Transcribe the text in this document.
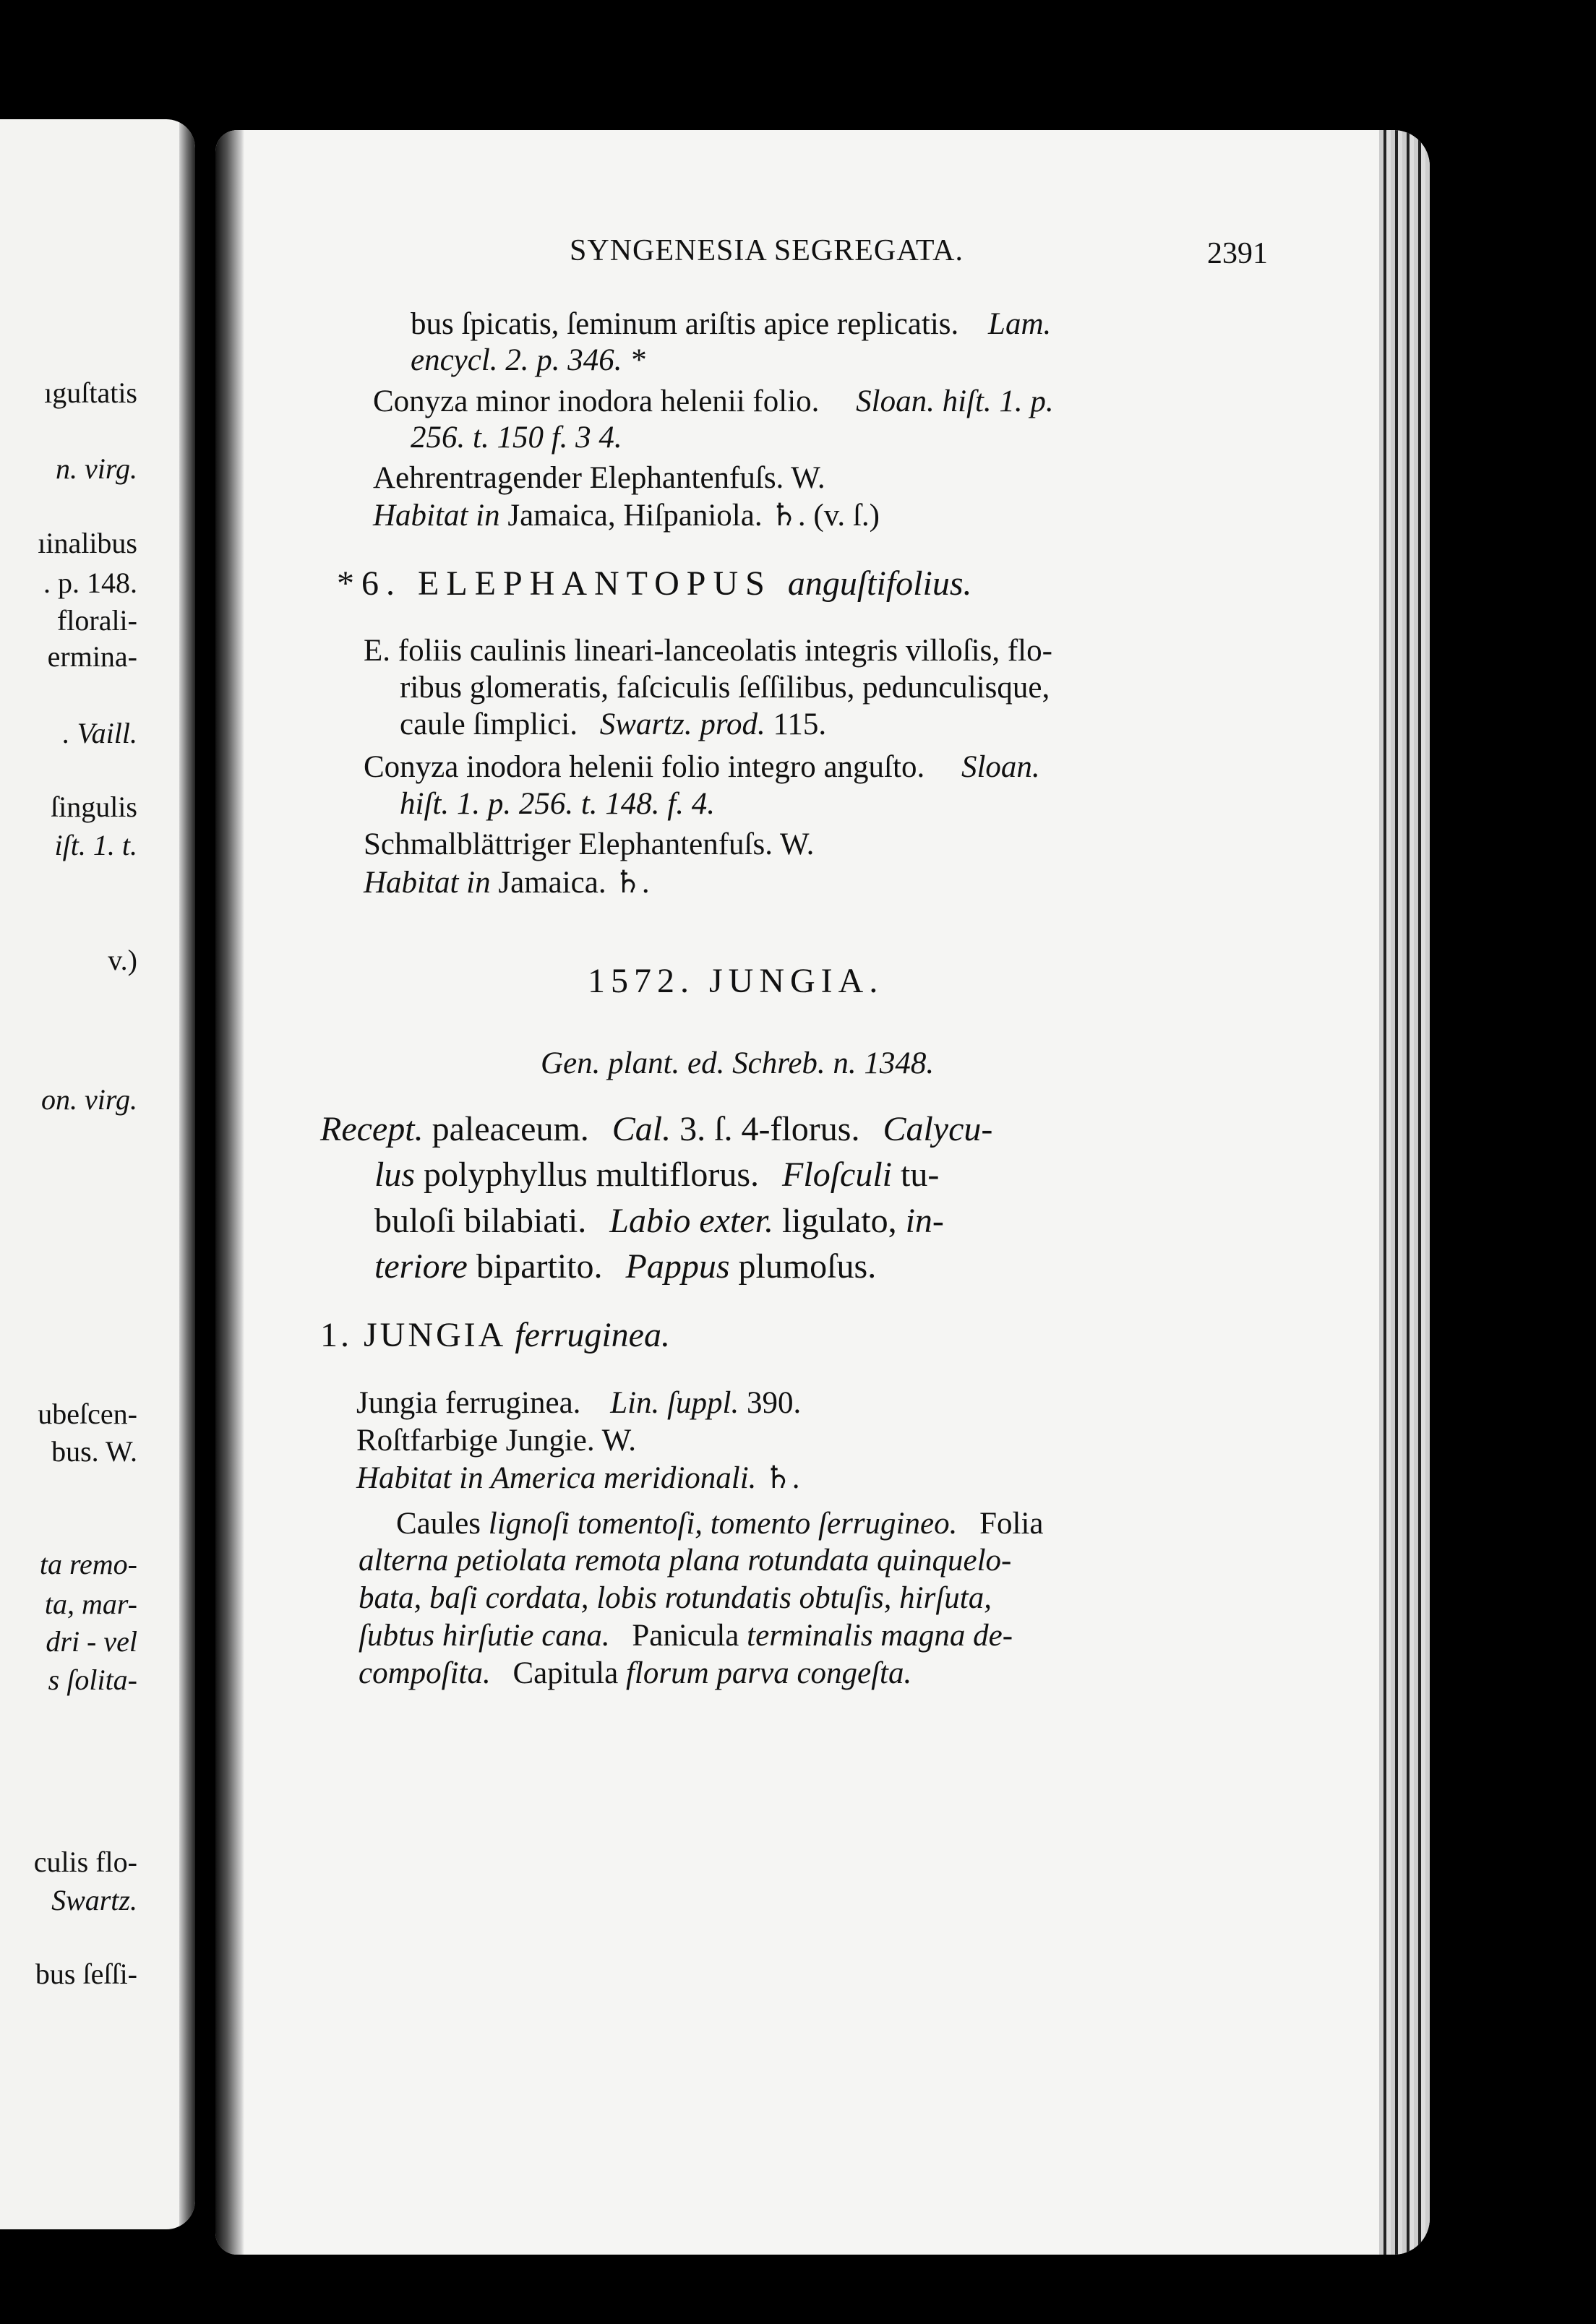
ıguſtatis
n. virg.
ıinalibus
. p. 148.
florali-
ermina-
. Vaill.
ſingulis
iſt. 1. t.
v.)
on. virg.
ubeſcen-
bus. W.
ta remo-
ta, mar-
dri - vel
s ſolita-
culis flo-
Swartz.
bus ſeſſi-
SYNGENESIA SEGREGATA.	2391
bus ſpicatis, ſeminum ariſtis apice replicatis. Lam.
encycl. 2. p. 346. *
Conyza minor inodora helenii folio. Sloan. hiſt. 1. p.
256. t. 150 f. 3 4.
Aehrentragender Elephantenfuſs. W.
Habitat in Jamaica, Hiſpaniola. ♄. (v. ſ.)
*6. ELEPHANTOPUS anguſtifolius.
E. foliis caulinis lineari-lanceolatis integris villoſis, flo-
ribus glomeratis, faſciculis ſeſſilibus, pedunculisque,
caule ſimplici. Swartz. prod. 115.
Conyza inodora helenii folio integro anguſto. Sloan.
hiſt. 1. p. 256. t. 148. f. 4.
Schmalblättriger Elephantenfuſs. W.
Habitat in Jamaica. ♄.
1572. JUNGIA.
Gen. plant. ed. Schreb. n. 1348.
Recept. paleaceum. Cal. 3. ſ. 4-florus. Calycu-
lus polyphyllus multiflorus. Floſculi tu-
buloſi bilabiati. Labio exter. ligulato, in-
teriore bipartito. Pappus plumoſus.
1. JUNGIA ferruginea.
Jungia ferruginea. Lin. ſuppl. 390.
Roſtfarbige Jungie. W.
Habitat in America meridionali. ♄.
Caules lignoſi tomentoſi, tomento ſerrugineo. Folia
alterna petiolata remota plana rotundata quinquelo-
bata, baſi cordata, lobis rotundatis obtuſis, hirſuta,
ſubtus hirſutie cana. Panicula terminalis magna de-
compoſita. Capitula florum parva congeſta.
